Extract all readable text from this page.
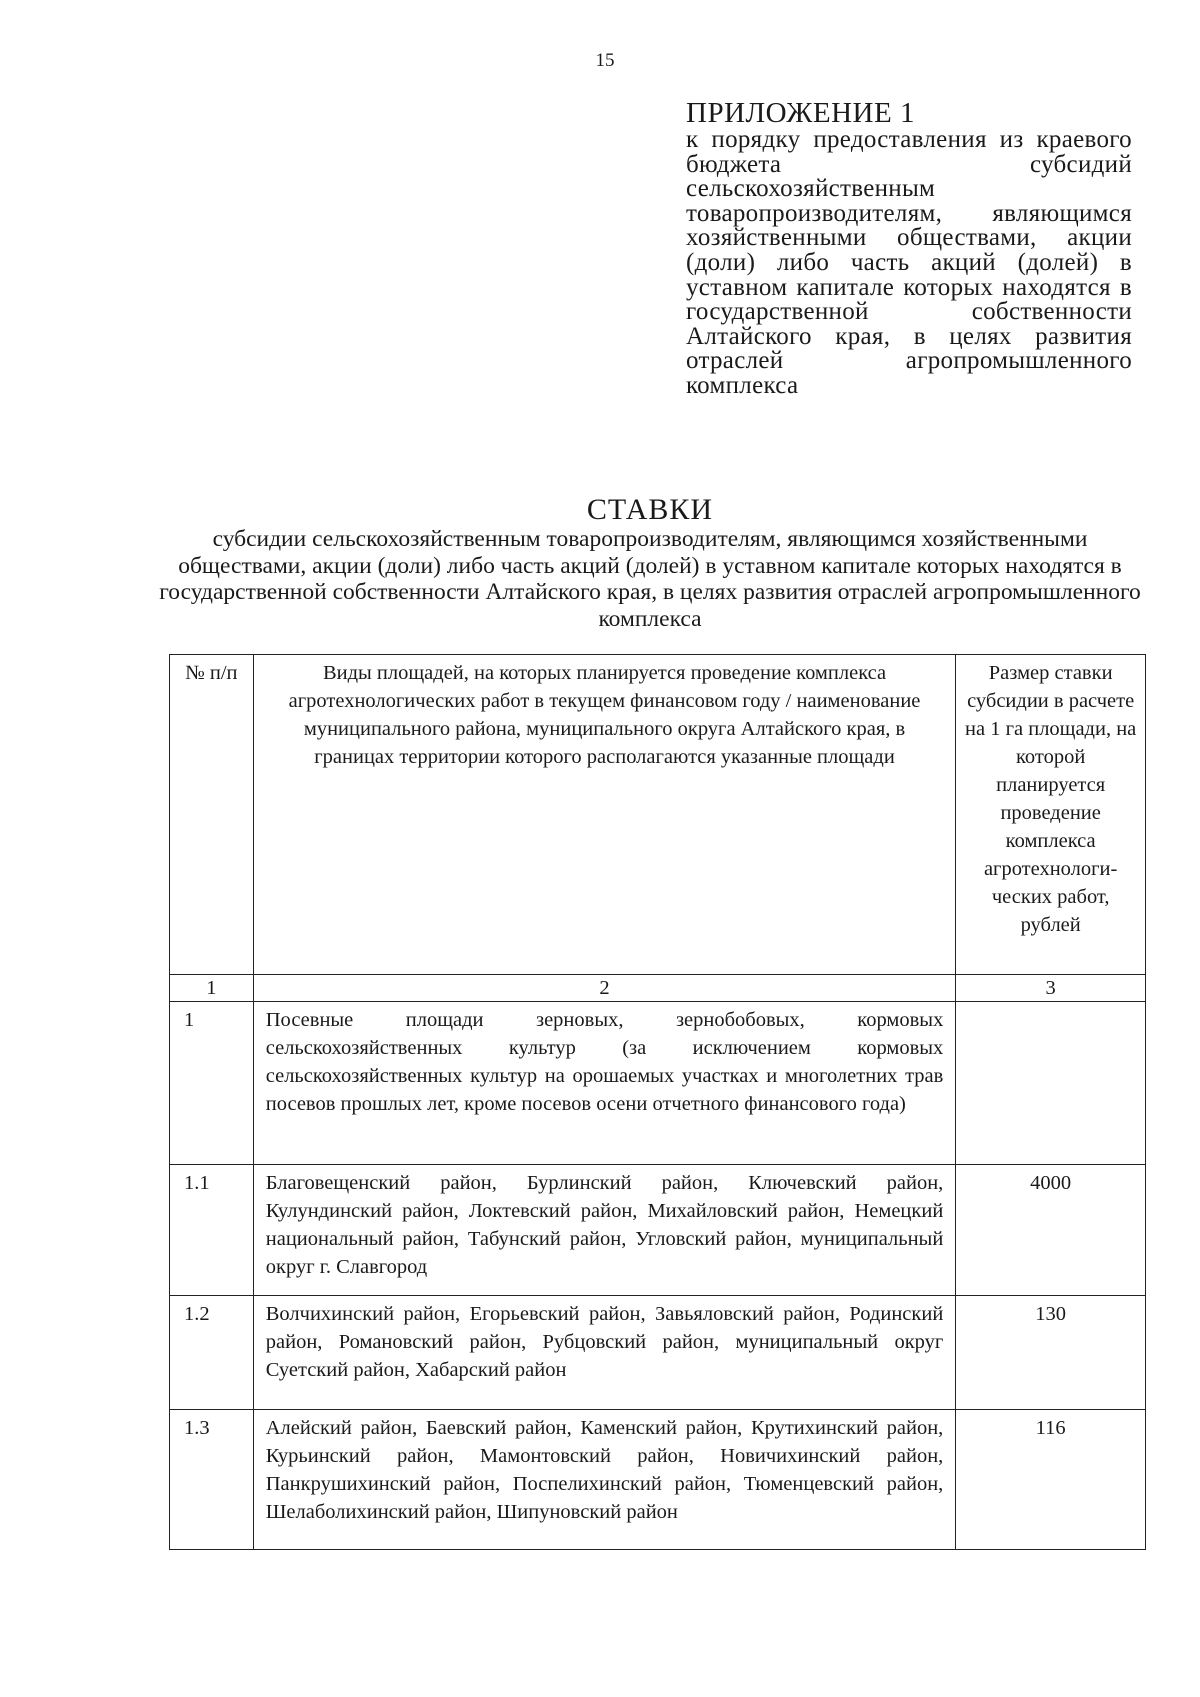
15
ПРИЛОЖЕНИЕ 1
к порядку предоставления из краевого бюджета субсидий сельскохозяйственным товаропроизводителям, являющимся хозяйственными обществами, акции (доли) либо часть акций (долей) в уставном капитале которых находятся в государственной собственности Алтайского края, в целях развития отраслей агропромышленного комплекса
СТАВКИ
субсидии сельскохозяйственным товаропроизводителям, являющимся хозяйственными обществами, акции (доли) либо часть акций (долей) в уставном капитале которых находятся в государственной собственности Алтайского края, в целях развития отраслей агропромышленного комплекса
№ п/п	Виды площадей, на которых планируется проведение комплекса агротехнологических работ в текущем финансовом году / наименование муниципального района, муниципального округа Алтайского края, в границах территории которого располагаются указанные площади	Размер ставки субсидии в расчете на 1 га площади, на которой планируется проведение комплекса агротехнологических работ, рублей

1	2	3

1	Посевные площади зерновых, зернобобовых, кормовых сельскохозяйственных культур (за исключением кормовых сельскохозяйственных культур на орошаемых участках и многолетних трав посевов прошлых лет, кроме посевов осени отчетного финансового года)	

1.1	Благовещенский район, Бурлинский район, Ключевский район, Кулундинский район, Локтевский район, Михайловский район, Немецкий национальный район, Табунский район, Угловский район, муниципальный округ г. Славгород	4000

1.2	Волчихинский район, Егорьевский район, Завьяловский район, Родинский район, Романовский район, Рубцовский район, муниципальный округ Суетский район, Хабарский район	130

1.3	Алейский район, Баевский район, Каменский район, Крутихинский район, Курьинский район, Мамонтовский район, Новичихинский район, Панкрушихинский район, Поспелихинский район, Тюменцевский район, Шелаболихинский район, Шипуновский район	116
